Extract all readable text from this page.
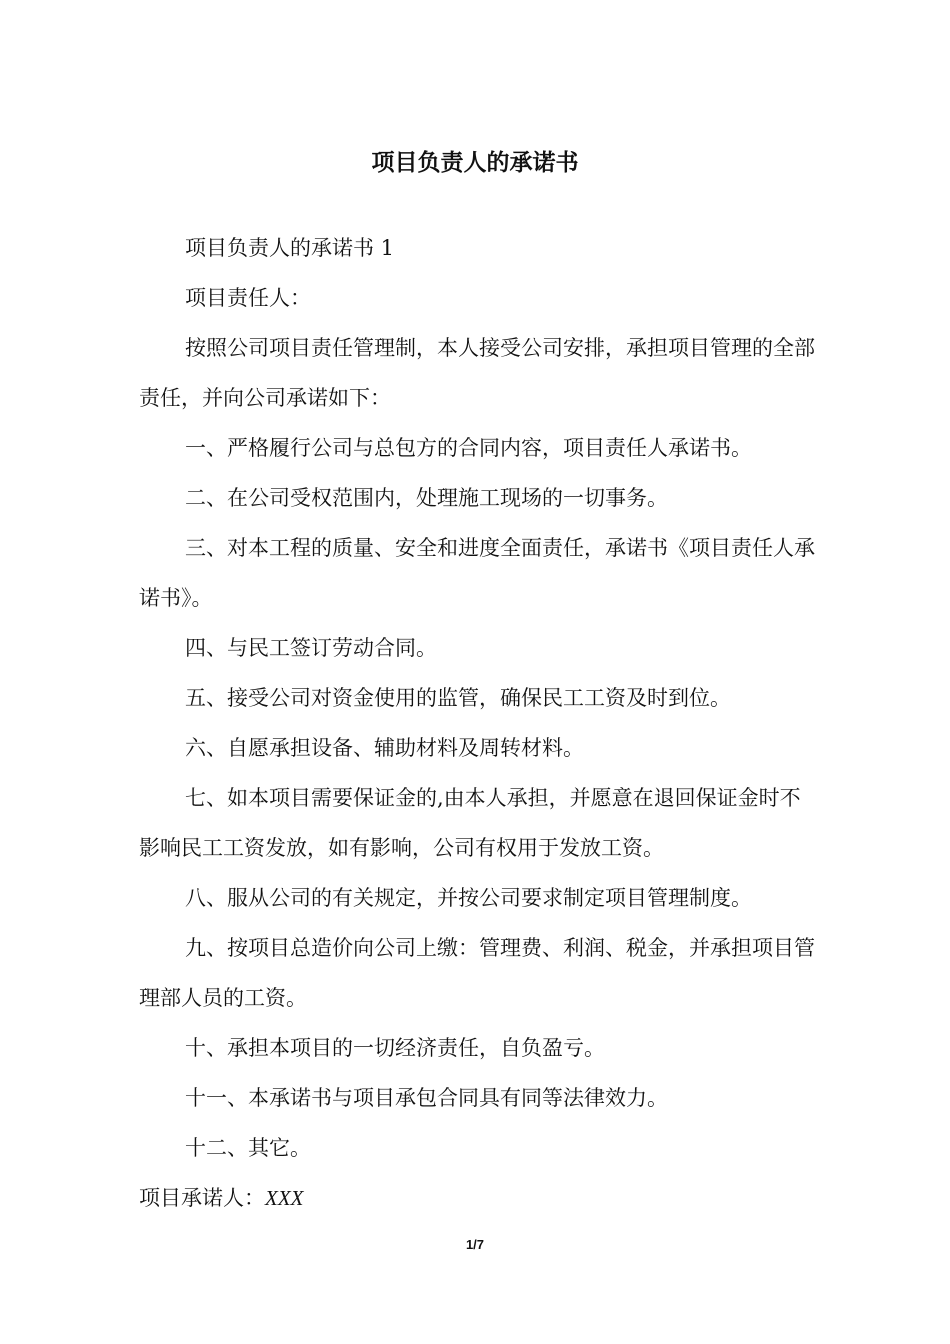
项目负责人的承诺书

项目负责人的承诺书 1

项目责任人：

按照公司项目责任管理制，本人接受公司安排，承担项目管理的全部责任，并向公司承诺如下：

一、严格履行公司与总包方的合同内容，项目责任人承诺书。

二、在公司受权范围内，处理施工现场的一切事务。

三、对本工程的质量、安全和进度全面责任，承诺书《项目责任人承诺书》。

四、与民工签订劳动合同。

五、接受公司对资金使用的监管，确保民工工资及时到位。

六、自愿承担设备、辅助材料及周转材料。

七、如本项目需要保证金的,由本人承担，并愿意在退回保证金时不影响民工工资发放，如有影响，公司有权用于发放工资。

八、服从公司的有关规定，并按公司要求制定项目管理制度。

九、按项目总造价向公司上缴：管理费、利润、税金，并承担项目管理部人员的工资。

十、承担本项目的一切经济责任，自负盈亏。

十一、本承诺书与项目承包合同具有同等法律效力。

十二、其它。

项目承诺人：XXX

1/7
